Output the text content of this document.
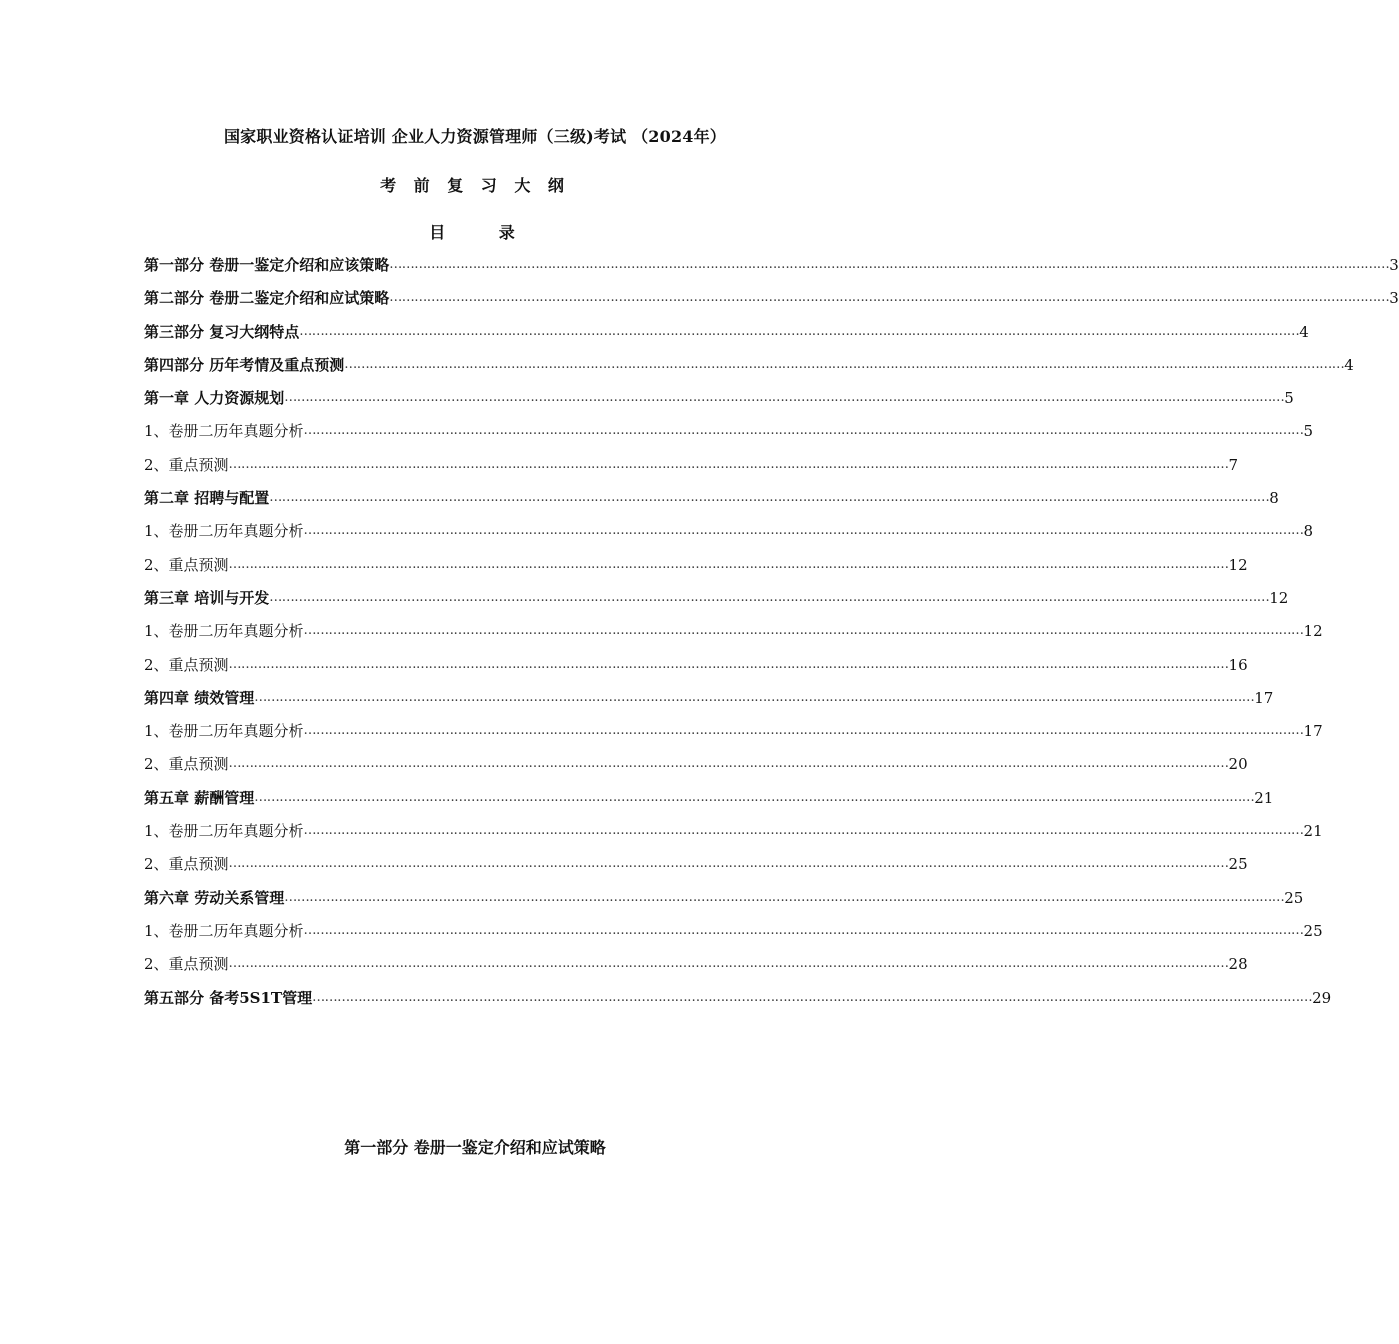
国家职业资格认证培训 企业人力资源管理师（三级)考试 （2024年）
考 前 复 习 大 纲
目 录
第一部分 卷册一鉴定介绍和应该策略 …………………………………………………………………………………………………………………………………………………………………………………………………………………… 3
第二部分 卷册二鉴定介绍和应试策略 …………………………………………………………………………………………………………………………………………………………………………………………………………………… 3
第三部分 复习大纲特点 …………………………………………………………………………………………………………………………………………………………………………………………………………………… 4
第四部分 历年考情及重点预测 …………………………………………………………………………………………………………………………………………………………………………………………………………………… 4
第一章 人力资源规划 …………………………………………………………………………………………………………………………………………………………………………………………………………………… 5
1、卷册二历年真题分析 …………………………………………………………………………………………………………………………………………………………………………………………………………………… 5
2、重点预测 …………………………………………………………………………………………………………………………………………………………………………………………………………………… 7
第二章 招聘与配置 …………………………………………………………………………………………………………………………………………………………………………………………………………………… 8
1、卷册二历年真题分析 …………………………………………………………………………………………………………………………………………………………………………………………………………………… 8
2、重点预测 …………………………………………………………………………………………………………………………………………………………………………………………………………………… 12
第三章 培训与开发 …………………………………………………………………………………………………………………………………………………………………………………………………………………… 12
1、卷册二历年真题分析 …………………………………………………………………………………………………………………………………………………………………………………………………………………… 12
2、重点预测 …………………………………………………………………………………………………………………………………………………………………………………………………………………… 16
第四章 绩效管理 …………………………………………………………………………………………………………………………………………………………………………………………………………………… 17
1、卷册二历年真题分析 …………………………………………………………………………………………………………………………………………………………………………………………………………………… 17
2、重点预测 …………………………………………………………………………………………………………………………………………………………………………………………………………………… 20
第五章 薪酬管理 …………………………………………………………………………………………………………………………………………………………………………………………………………………… 21
1、卷册二历年真题分析 …………………………………………………………………………………………………………………………………………………………………………………………………………………… 21
2、重点预测 …………………………………………………………………………………………………………………………………………………………………………………………………………………… 25
第六章 劳动关系管理 …………………………………………………………………………………………………………………………………………………………………………………………………………………… 25
1、卷册二历年真题分析 …………………………………………………………………………………………………………………………………………………………………………………………………………………… 25
2、重点预测 …………………………………………………………………………………………………………………………………………………………………………………………………………………… 28
第五部分 备考5S1T管理 …………………………………………………………………………………………………………………………………………………………………………………………………………………… 29
第一部分 卷册一鉴定介绍和应试策略
